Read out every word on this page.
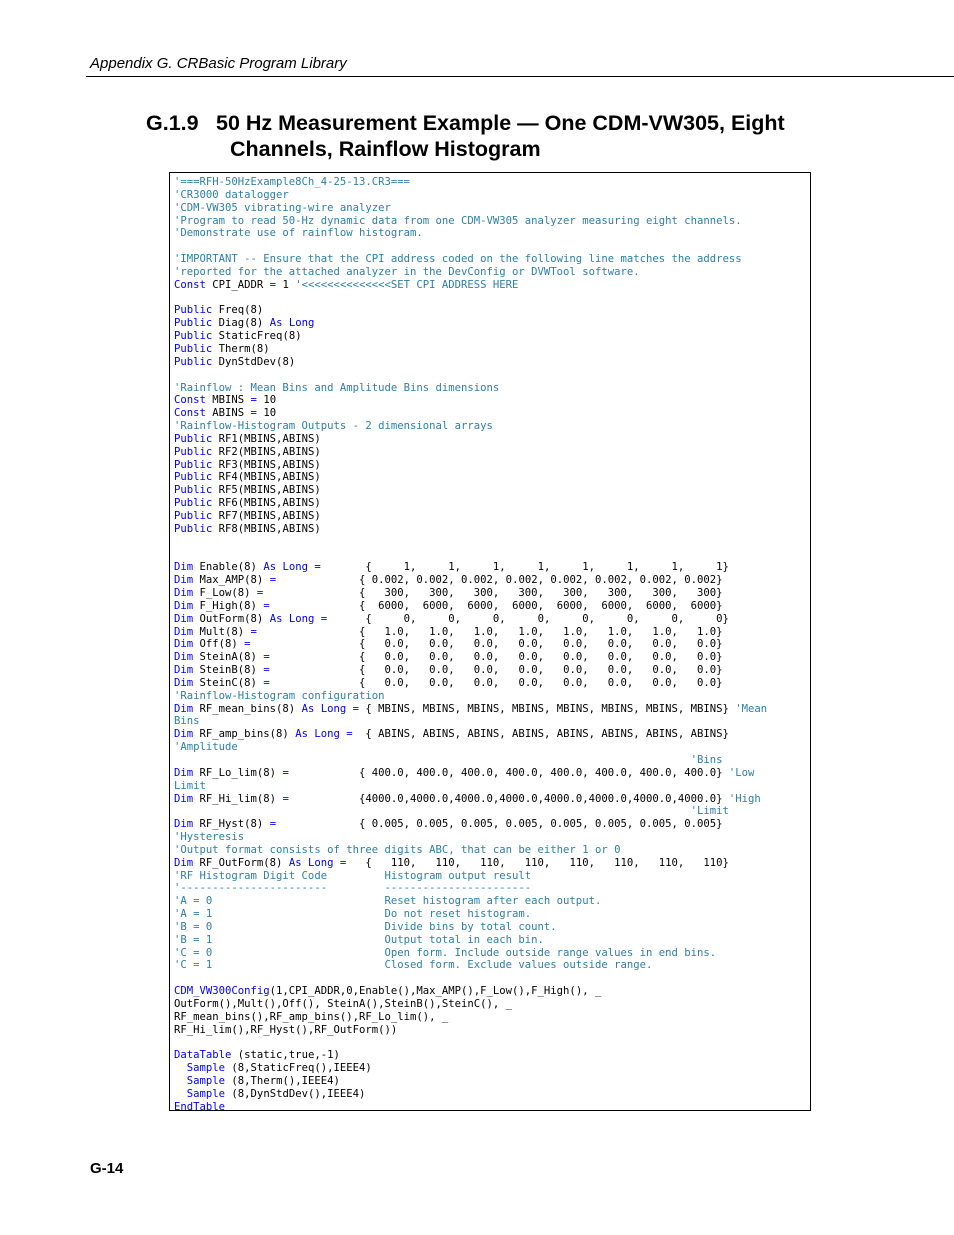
Appendix G. CRBasic Program Library
G.1.9 50 Hz Measurement Example — One CDM-VW305, Eight
Channels, Rainflow Histogram
'===RFH-50HzExample8Ch_4-25-13.CR3===
'CR3000 datalogger
'CDM-VW305 vibrating-wire analyzer
'Program to read 50-Hz dynamic data from one CDM-VW305 analyzer measuring eight channels.
'Demonstrate use of rainflow histogram.
'IMPORTANT -- Ensure that the CPI address coded on the following line matches the address
'reported for the attached analyzer in the DevConfig or DVWTool software.
Const CPI_ADDR = 1 '<<<<<<<<<<<<<<SET CPI ADDRESS HERE
Public Freq(8)
Public Diag(8) As Long
Public StaticFreq(8)
Public Therm(8)
Public DynStdDev(8)
'Rainflow : Mean Bins and Amplitude Bins dimensions
Const MBINS = 10
Const ABINS = 10
'Rainflow-Histogram Outputs - 2 dimensional arrays
Public RF1(MBINS,ABINS)
Public RF2(MBINS,ABINS)
Public RF3(MBINS,ABINS)
Public RF4(MBINS,ABINS)
Public RF5(MBINS,ABINS)
Public RF6(MBINS,ABINS)
Public RF7(MBINS,ABINS)
Public RF8(MBINS,ABINS)
Dim Enable(8) As Long =       {     1,     1,     1,     1,     1,     1,     1,     1}
Dim Max_AMP(8) =             { 0.002, 0.002, 0.002, 0.002, 0.002, 0.002, 0.002, 0.002}
Dim F_Low(8) =               {   300,   300,   300,   300,   300,   300,   300,   300}
Dim F_High(8) =              {  6000,  6000,  6000,  6000,  6000,  6000,  6000,  6000}
Dim OutForm(8) As Long =      {     0,     0,     0,     0,     0,     0,     0,     0}
Dim Mult(8) =                {   1.0,   1.0,   1.0,   1.0,   1.0,   1.0,   1.0,   1.0}
Dim Off(8) =                 {   0.0,   0.0,   0.0,   0.0,   0.0,   0.0,   0.0,   0.0}
Dim SteinA(8) =              {   0.0,   0.0,   0.0,   0.0,   0.0,   0.0,   0.0,   0.0}
Dim SteinB(8) =              {   0.0,   0.0,   0.0,   0.0,   0.0,   0.0,   0.0,   0.0}
Dim SteinC(8) =              {   0.0,   0.0,   0.0,   0.0,   0.0,   0.0,   0.0,   0.0}
'Rainflow-Histogram configuration
Dim RF_mean_bins(8) As Long = { MBINS, MBINS, MBINS, MBINS, MBINS, MBINS, MBINS, MBINS} 'Mean
Bins
Dim RF_amp_bins(8) As Long =  { ABINS, ABINS, ABINS, ABINS, ABINS, ABINS, ABINS, ABINS}
'Amplitude
'Bins
Dim RF_Lo_lim(8) =           { 400.0, 400.0, 400.0, 400.0, 400.0, 400.0, 400.0, 400.0} 'Low
Limit
Dim RF_Hi_lim(8) =           {4000.0,4000.0,4000.0,4000.0,4000.0,4000.0,4000.0,4000.0} 'High
'Limit
Dim RF_Hyst(8) =             { 0.005, 0.005, 0.005, 0.005, 0.005, 0.005, 0.005, 0.005}
'Hysteresis
'Output format consists of three digits ABC, that can be either 1 or 0
Dim RF_OutForm(8) As Long =   {   110,   110,   110,   110,   110,   110,   110,   110}
'RF Histogram Digit Code         Histogram output result
'-----------------------         -----------------------
'A = 0                           Reset histogram after each output.
'A = 1                           Do not reset histogram.
'B = 0                           Divide bins by total count.
'B = 1                           Output total in each bin.
'C = 0                           Open form. Include outside range values in end bins.
'C = 1                           Closed form. Exclude values outside range.
CDM_VW300Config(1,CPI_ADDR,0,Enable(),Max_AMP(),F_Low(),F_High(), _
OutForm(),Mult(),Off(), SteinA(),SteinB(),SteinC(), _
RF_mean_bins(),RF_amp_bins(),RF_Lo_lim(), _
RF_Hi_lim(),RF_Hyst(),RF_OutForm())
DataTable (static,true,-1)
Sample (8,StaticFreq(),IEEE4)
Sample (8,Therm(),IEEE4)
Sample (8,DynStdDev(),IEEE4)
EndTable
G-14
